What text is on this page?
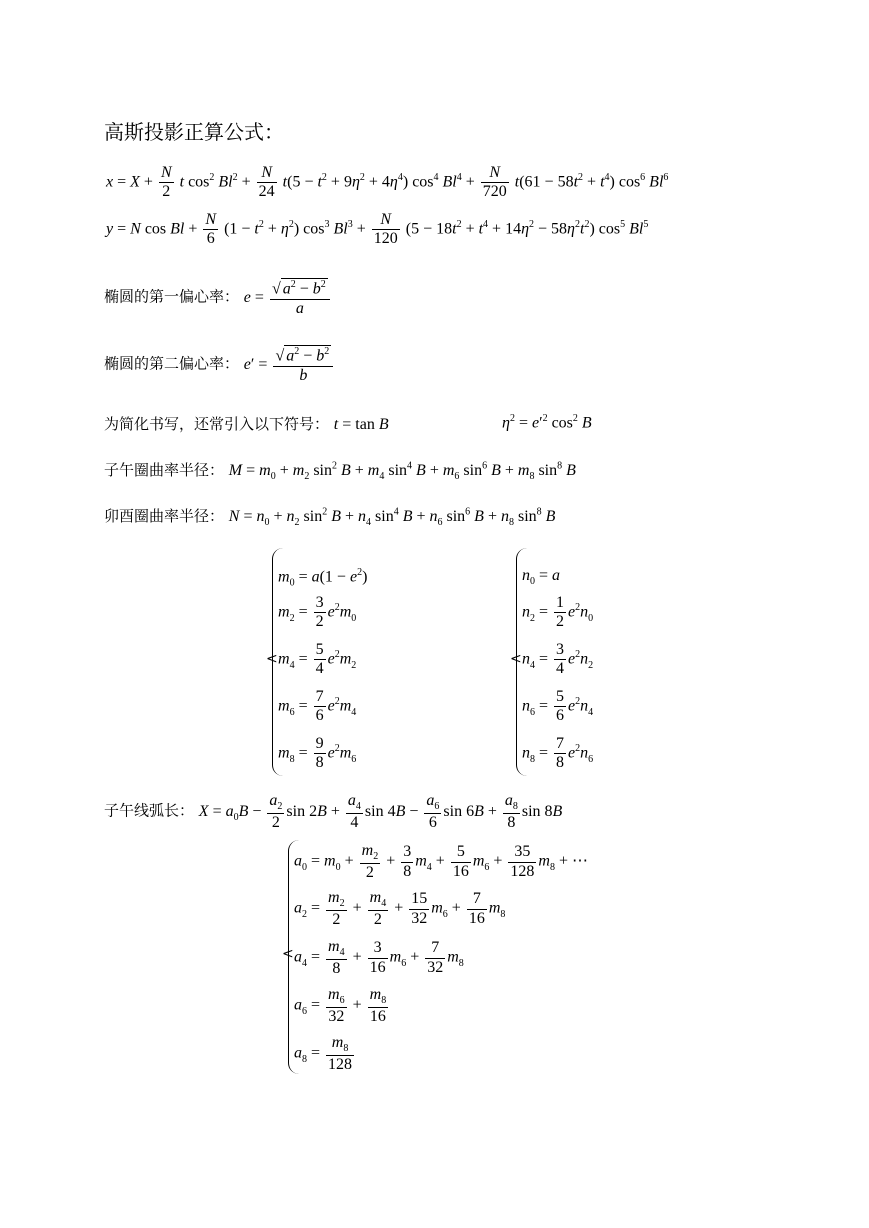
高斯投影正算公式：
$x = X + \frac{N}{2}$ t $\cos^2 Bl^2 + \frac{N}{24} t(5 - t^2 + 9\eta^2 + 4\eta^4)$ $\cos^4 Bl^4 + \frac{N}{720} t(61 - 58t^2 + t^4)$ $\cos^6 Bl^6$
y = N $\cos Bl + \frac{N}{6} (1 - t^2 + \eta^2)$ $\cos^3 Bl^3 + \frac{N}{120} (5 - 18t^2 + t^4 + 14\eta^2 - 58\eta^2t^2)$ $\cos^5 Bl^5$
椭圆的第一偏心率： $e = \frac{√ a^2 - b^2}{a}$
椭圆的第二偏心率： $e' = \frac{√ a^2 - b^2}{b}$
为简化书写，还常引入以下符号： t = tan B	$\eta^2 = e'^2$ $\cos^2 B$
子午圈曲率半径： $M = m_0 + m_2$ $\sin^2 B + m_4$ $\sin^4 B + m_6$ $\sin^6 B + m_8$ $\sin^8 B$
卯酉圈曲率半径： $N = n_0 + n_2$ $\sin^2 B + n_4$ $\sin^4 B + n_6$ $\sin^6 B + n_8$ $\sin^8 B$
<
$m_0 = a(1 - e^2)$
$m_2 = \frac{3}{2} e^2m_0$
$m_4 = \frac{5}{4} e^2m_2$
$m_6 = \frac{7}{6} e^2m_4$
$m_8 = \frac{9}{8} e^2m_6$
<
$n_0 = a$
$n_2 = \frac{1}{2} e^2n_0$
$n_4 = \frac{3}{4} e^2n_2$
$n_6 = \frac{5}{6} e^2n_4$
$n_8 = \frac{7}{8} e^2n_6$
子午线弧长： $X = a_0B - \frac{a_2}{2}$ $\sin 2B + \frac{a_4}{4}$ $\sin 4B - \frac{a_6}{6}$ $\sin 6B + \frac{a_8}{8}$ sin 8B
<
$a_0 = m_0 + \frac{m_2}{2} + \frac{3}{8} m_4 + \frac{5}{16} m_6 + \frac{35}{128} m_8$ + ⋯
$a_2 = \frac{m_2}{2} + \frac{m_4}{2} + \frac{15}{32} m_6 + \frac{7}{16} m_8$
$a_4 = \frac{m_4}{8} + \frac{3}{16} m_6 + \frac{7}{32} m_8$
$a_6 = \frac{m_6}{32} + \frac{m_8}{16}$
$a_8 = \frac{m_8}{128}$
